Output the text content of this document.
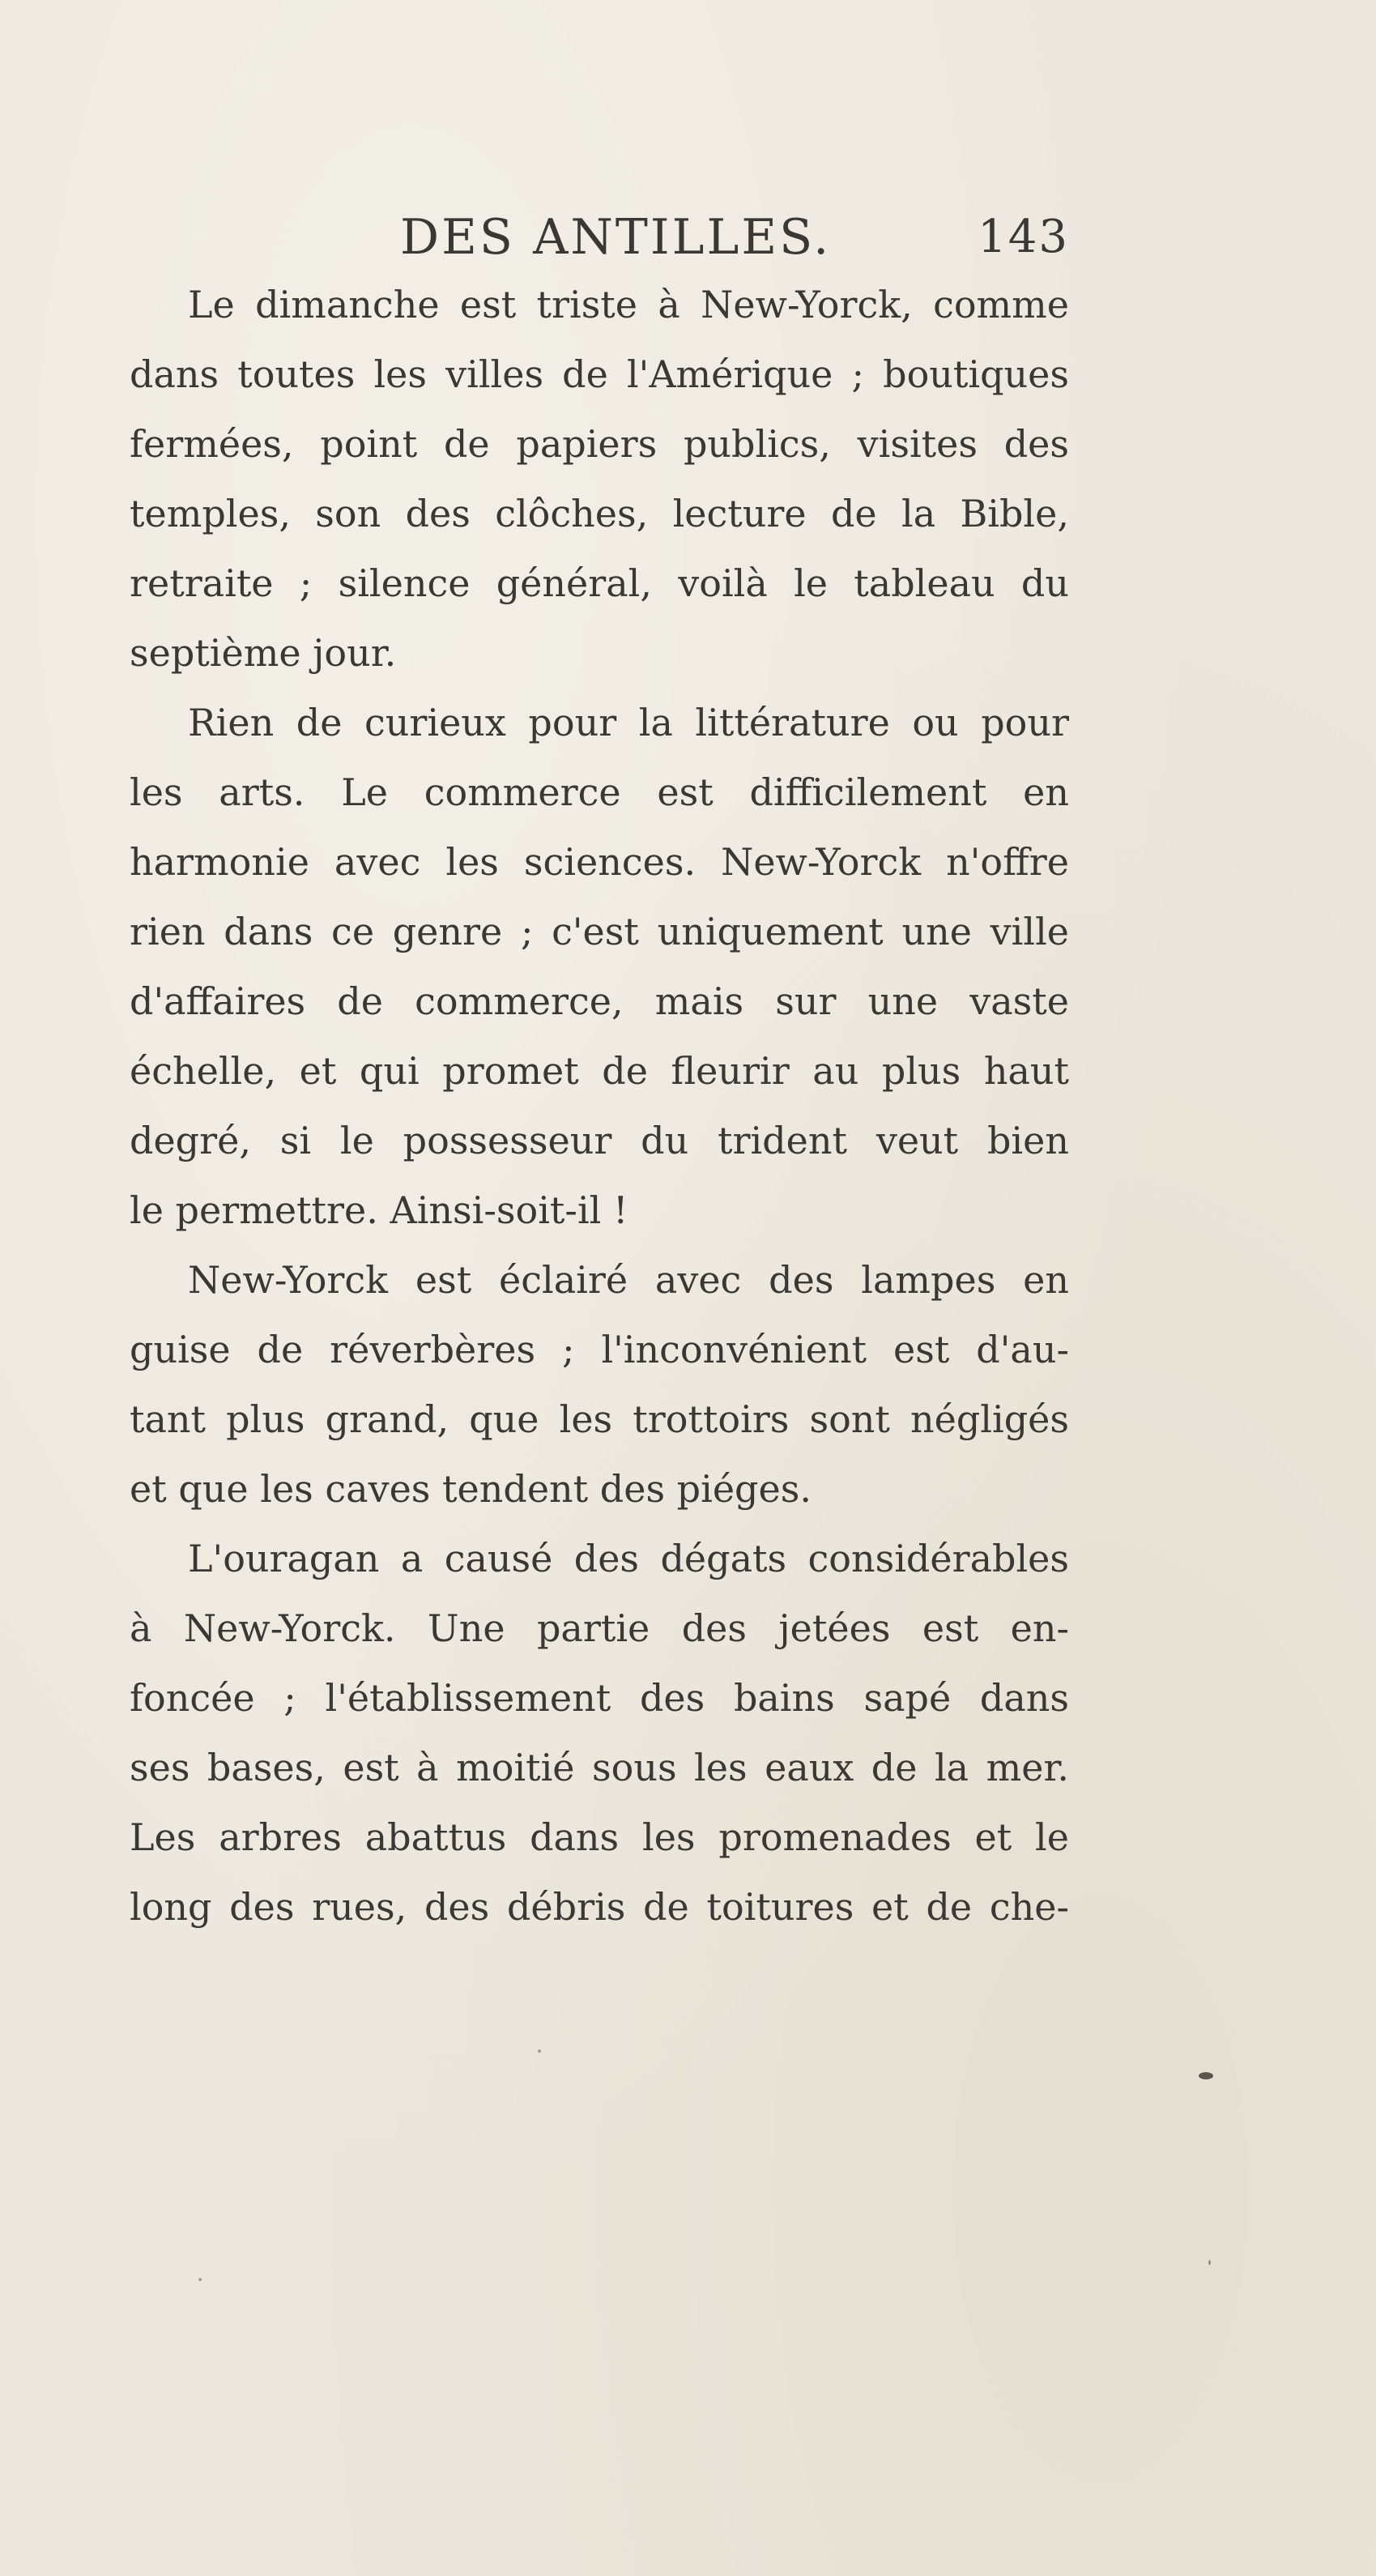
DES ANTILLES.	143
Le dimanche est triste à New-Yorck, comme
dans toutes les villes de l'Amérique ; boutiques
fermées, point de papiers publics, visites des
temples, son des clôches, lecture de la Bible,
retraite ; silence général, voilà le tableau du
septième jour.
Rien de curieux pour la littérature ou pour
les arts. Le commerce est difficilement en
harmonie avec les sciences. New-Yorck n'offre
rien dans ce genre ; c'est uniquement une ville
d'affaires de commerce, mais sur une vaste
échelle, et qui promet de fleurir au plus haut
degré, si le possesseur du trident veut bien
le permettre. Ainsi-soit-il !
New-Yorck est éclairé avec des lampes en
guise de réverbères ; l'inconvénient est d'au-
tant plus grand, que les trottoirs sont négligés
et que les caves tendent des piéges.
L'ouragan a causé des dégats considérables
à New-Yorck. Une partie des jetées est en-
foncée ; l'établissement des bains sapé dans
ses bases, est à moitié sous les eaux de la mer.
Les arbres abattus dans les promenades et le
long des rues, des débris de toitures et de che-
